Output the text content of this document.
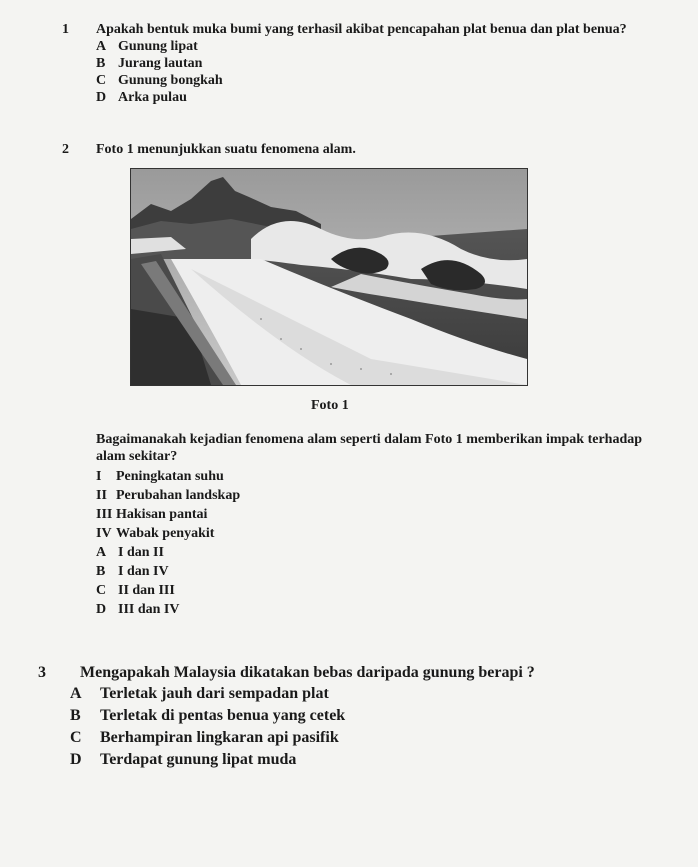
1 Apakah bentuk muka bumi yang terhasil akibat pencapahan plat benua dan plat benua?
A Gunung lipat
B Jurang lautan
C Gunung bongkah
D Arka pulau
2 Foto 1 menunjukkan suatu fenomena alam.
Foto 1
Bagaimanakah kejadian fenomena alam seperti dalam Foto 1 memberikan impak terhadap
alam sekitar?
I Peningkatan suhu
II Perubahan landskap
III Hakisan pantai
IV Wabak penyakit
A I dan II
B I dan IV
C II dan III
D III dan IV
3 Mengapakah Malaysia dikatakan bebas daripada gunung berapi ?
A Terletak jauh dari sempadan plat
B Terletak di pentas benua yang cetek
C Berhampiran lingkaran api pasifik
D Terdapat gunung lipat muda
